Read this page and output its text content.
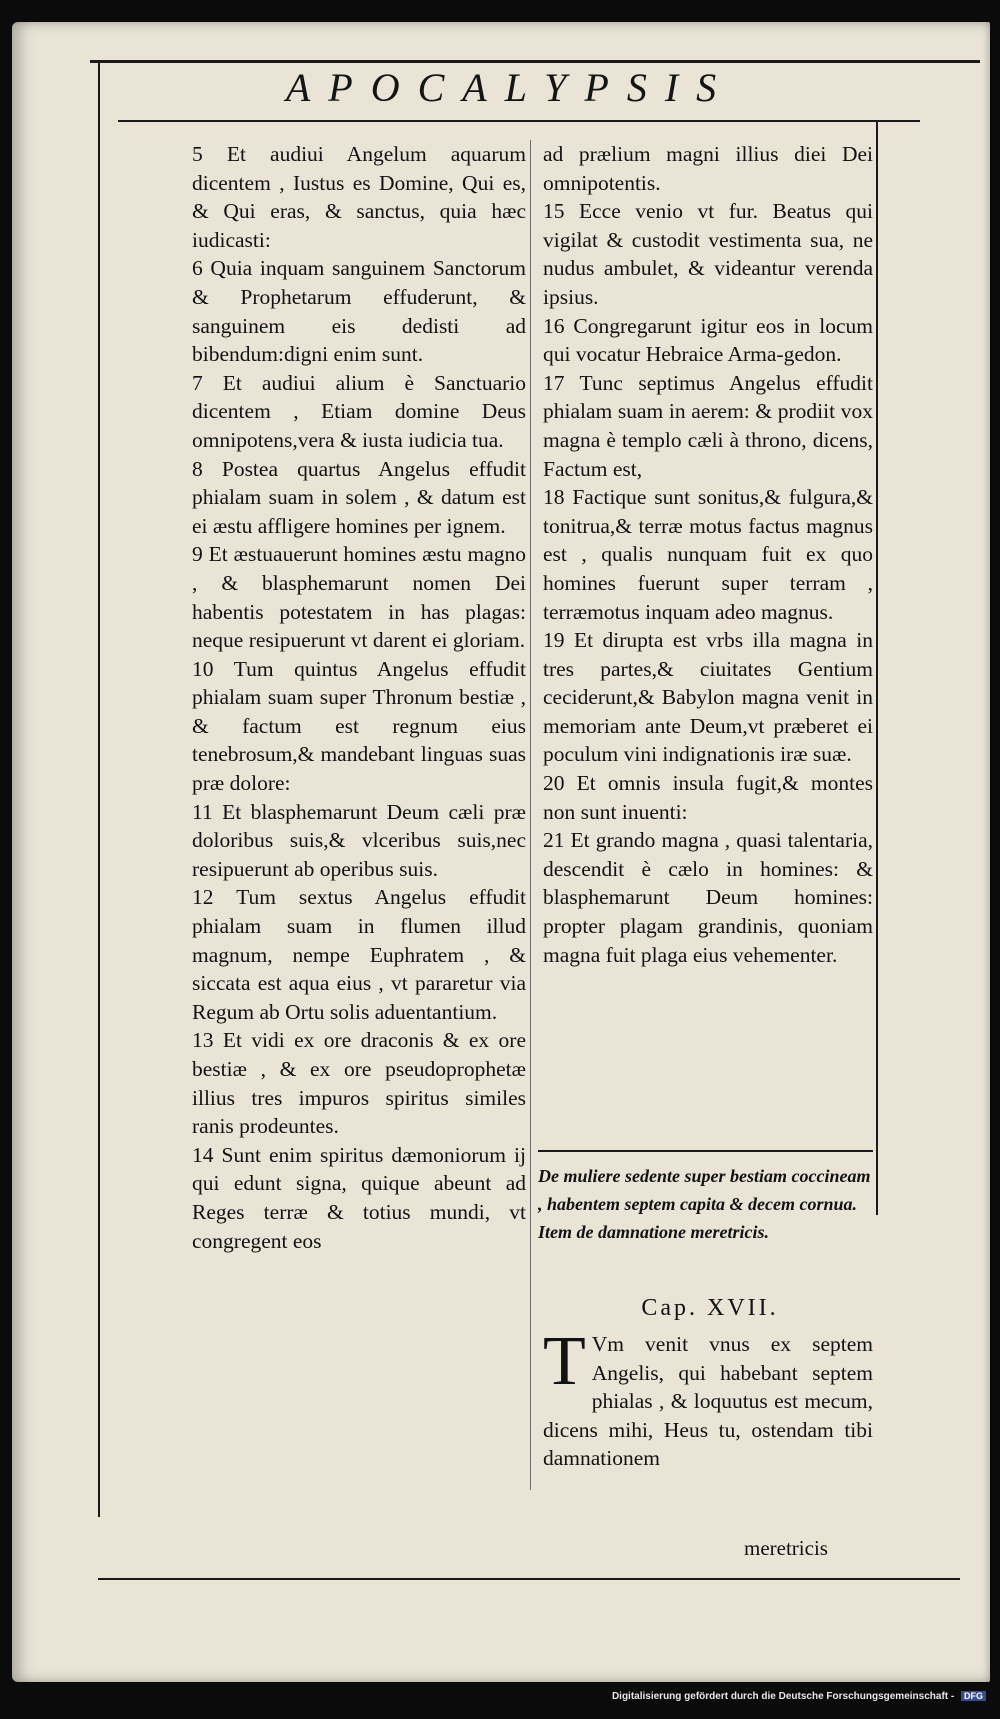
APOCALYPSIS

5 Et audiui Angelum aquarum dicentem , Iustus es Domine, Qui es, & Qui eras, & sanctus, quia hæc iudicasti:

6 Quia inquam sanguinem Sanctorum & Prophetarum effuderunt, & sanguinem eis dedisti ad bibendum:digni enim sunt.

7 Et audiui alium è Sanctuario dicentem , Etiam domine Deus omnipotens,vera & iusta iudicia tua.

8 Postea quartus Angelus effudit phialam suam in solem , & datum est ei æstu affligere homines per ignem.

9 Et æstuauerunt homines æstu magno , & blasphemarunt nomen Dei habentis potestatem in has plagas: neque resipuerunt vt darent ei gloriam.

10 Tum quintus Angelus effudit phialam suam super Thronum bestiæ , & factum est regnum eius tenebrosum,& mandebant linguas suas præ dolore:

11 Et blasphemarunt Deum cæli præ doloribus suis,& vlceribus suis,nec resipuerunt ab operibus suis.

12 Tum sextus Angelus effudit phialam suam in flumen illud magnum, nempe Euphratem , & siccata est aqua eius , vt pararetur via Regum ab Ortu solis aduentantium.

13 Et vidi ex ore draconis & ex ore bestiæ , & ex ore pseudoprophetæ illius tres impuros spiritus similes ranis prodeuntes.

14 Sunt enim spiritus dæmoniorum ij qui edunt signa, quique abeunt ad Reges terræ & totius mundi, vt congregent eos

ad prælium magni illius diei Dei omnipotentis.

15 Ecce venio vt fur. Beatus qui vigilat & custodit vestimenta sua, ne nudus ambulet, & videantur verenda ipsius.

16 Congregarunt igitur eos in locum qui vocatur Hebraice Arma-gedon.

17 Tunc septimus Angelus effudit phialam suam in aerem: & prodiit vox magna è templo cæli à throno, dicens, Factum est,

18 Factique sunt sonitus,& fulgura,& tonitrua,& terræ motus factus magnus est , qualis nunquam fuit ex quo homines fuerunt super terram , terræmotus inquam adeo magnus.

19 Et dirupta est vrbs illa magna in tres partes,& ciuitates Gentium ceciderunt,& Babylon magna venit in memoriam ante Deum,vt præberet ei poculum vini indignationis iræ suæ.

20 Et omnis insula fugit,& montes non sunt inuenti:

21 Et grando magna , quasi talentaria, descendit è cælo in homines: & blasphemarunt Deum homines: propter plagam grandinis, quoniam magna fuit plaga eius vehementer.

De muliere sedente super bestiam coccineam , habentem septem capita & decem cornua. Item de damnatione meretricis.
Cap. XVII.
T Vm venit vnus ex septem Angelis, qui habebant septem phialas , & loquutus est mecum, dicens mihi, Heus tu, ostendam tibi damnationem
meretricis
Digitalisierung gefördert durch die Deutsche Forschungsgemeinschaft - DFG
